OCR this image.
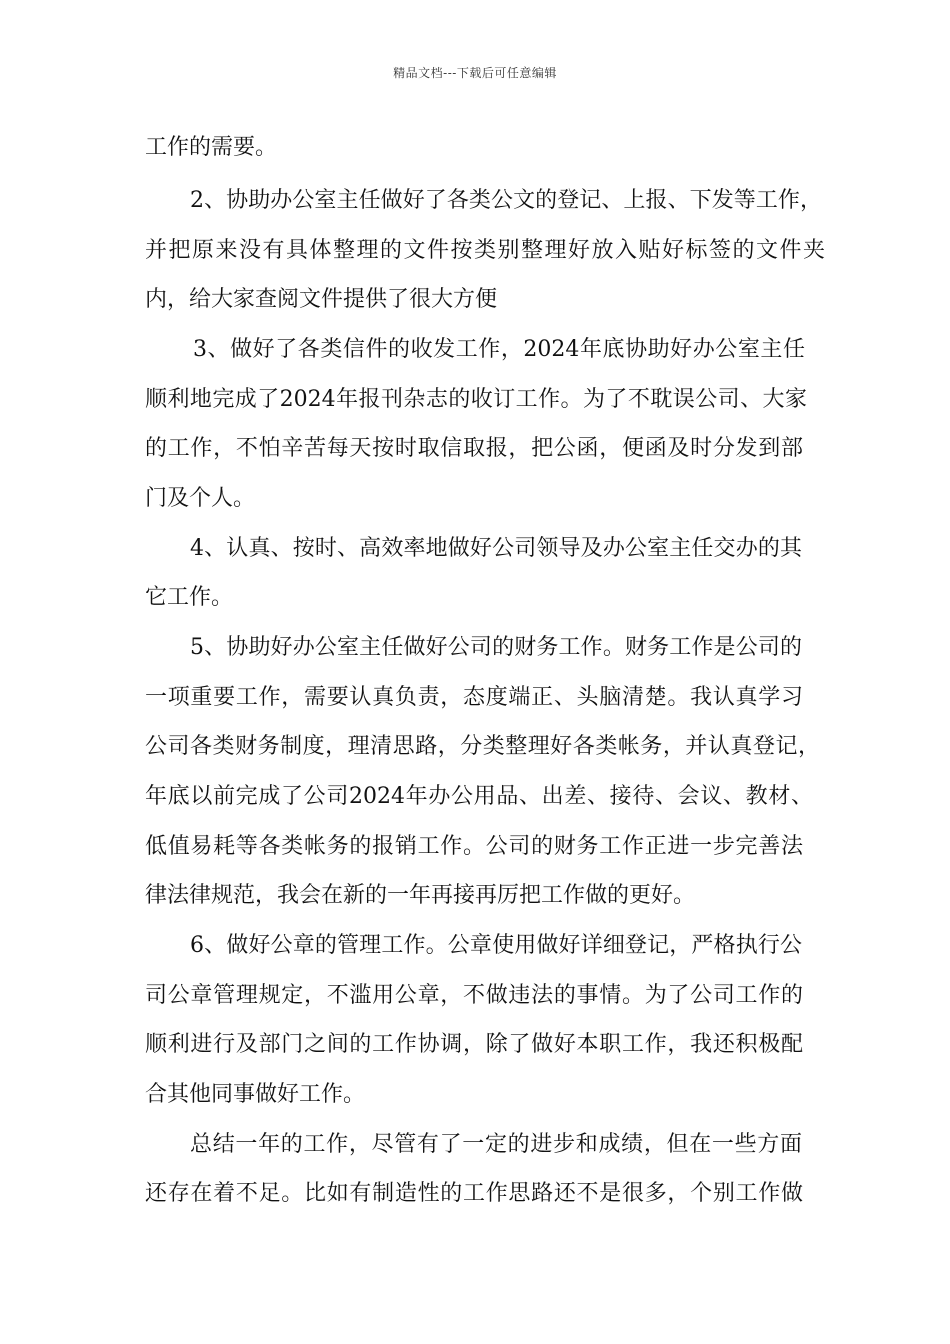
精品文档---下载后可任意编辑
工作的需要。
2、协助办公室主任做好了各类公文的登记、上报、下发等工作，
并把原来没有具体整理的文件按类别整理好放入贴好标签的文件夹
内，给大家查阅文件提供了很大方便
3、做好了各类信件的收发工作，2024年底协助好办公室主任
顺利地完成了2024年报刊杂志的收订工作。为了不耽误公司、大家
的工作，不怕辛苦每天按时取信取报，把公函，便函及时分发到部
门及个人。
4、认真、按时、高效率地做好公司领导及办公室主任交办的其
它工作。
5、协助好办公室主任做好公司的财务工作。财务工作是公司的
一项重要工作，需要认真负责，态度端正、头脑清楚。我认真学习
公司各类财务制度，理清思路，分类整理好各类帐务，并认真登记，
年底以前完成了公司2024年办公用品、出差、接待、会议、教材、
低值易耗等各类帐务的报销工作。公司的财务工作正进一步完善法
律法律规范，我会在新的一年再接再厉把工作做的更好。
6、做好公章的管理工作。公章使用做好详细登记，严格执行公
司公章管理规定，不滥用公章，不做违法的事情。为了公司工作的
顺利进行及部门之间的工作协调，除了做好本职工作，我还积极配
合其他同事做好工作。
总结一年的工作，尽管有了一定的进步和成绩，但在一些方面
还存在着不足。比如有制造性的工作思路还不是很多，个别工作做
